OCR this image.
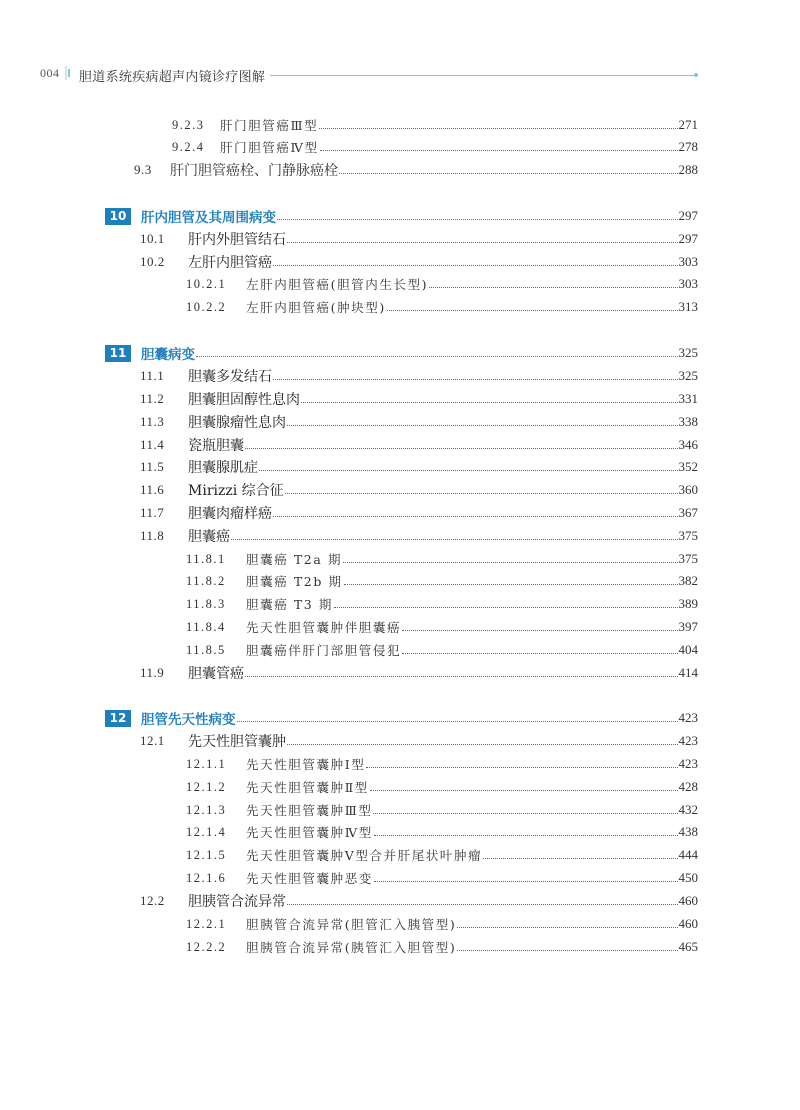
004 胆道系统疾病超声内镜诊疗图解
9.2.3 肝门胆管癌Ⅲ型	271
9.2.4 肝门胆管癌Ⅳ型	278
9.3	肝门胆管癌栓、门静脉癌栓	288
10	肝内胆管及其周围病变	297
10.1	肝内外胆管结石	297
10.2	左肝内胆管癌	303
10.2.1	左肝内胆管癌(胆管内生长型)	303
10.2.2	左肝内胆管癌(肿块型)	313
11	胆囊病变	325
11.1	胆囊多发结石	325
11.2	胆囊胆固醇性息肉	331
11.3	胆囊腺瘤性息肉	338
11.4	瓷瓶胆囊	346
11.5	胆囊腺肌症	352
11.6	Mirizzi 综合征	360
11.7	胆囊肉瘤样癌	367
11.8	胆囊癌	375
11.8.1	胆囊癌 T2a 期	375
11.8.2	胆囊癌 T2b 期	382
11.8.3	胆囊癌 T3 期	389
11.8.4	先天性胆管囊肿伴胆囊癌	397
11.8.5	胆囊癌伴肝门部胆管侵犯	404
11.9	胆囊管癌	414
12	胆管先天性病变	423
12.1	先天性胆管囊肿	423
12.1.1	先天性胆管囊肿Ⅰ型	423
12.1.2	先天性胆管囊肿Ⅱ型	428
12.1.3	先天性胆管囊肿Ⅲ型	432
12.1.4	先天性胆管囊肿Ⅳ型	438
12.1.5	先天性胆管囊肿Ⅴ型合并肝尾状叶肿瘤	444
12.1.6	先天性胆管囊肿恶变	450
12.2	胆胰管合流异常	460
12.2.1	胆胰管合流异常(胆管汇入胰管型)	460
12.2.2	胆胰管合流异常(胰管汇入胆管型)	465
